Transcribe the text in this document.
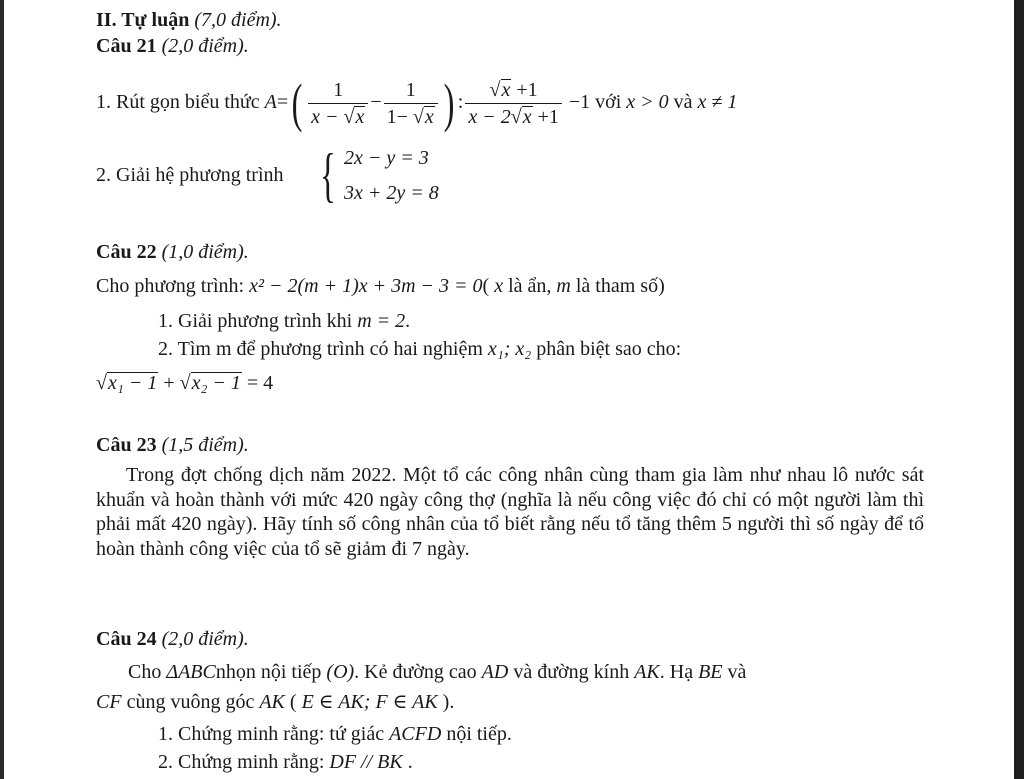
II. Tự luận (7,0 điểm).
Câu 21 (2,0 điểm).
1. Rút gọn biểu thức $A=( \frac{1}{x - √x} - \frac{1}{1- √x}$ ) : $\frac{√x +1}{x - 2√x +1} -1$ với x > 0 và x ≠ 1
2. Giải hệ phương trình { 2x − y = 3
3x + 2y = 8
Câu 22 (1,0 điểm).
Cho phương trình: x² − 2(m + 1)x + 3m − 3 = 0( x là ẩn, m là tham số)
1. Giải phương trình khi m = 2.
2. Tìm m để phương trình có hai nghiệm x₁; x₂ phân biệt sao cho:
√x₁ − 1 + √x₂ − 1 = 4
Câu 23 (1,5 điểm).
Trong đợt chống dịch năm 2022. Một tổ các công nhân cùng tham gia làm như nhau lô nước sát khuẩn và hoàn thành với mức 420 ngày công thợ (nghĩa là nếu công việc đó chỉ có một người làm thì phải mất 420 ngày). Hãy tính số công nhân của tổ biết rằng nếu tổ tăng thêm 5 người thì số ngày để tổ hoàn thành công việc của tổ sẽ giảm đi 7 ngày.
Câu 24 (2,0 điểm).
Cho ΔABCnhọn nội tiếp (O). Kẻ đường cao AD và đường kính AK. Hạ BE và
CF cùng vuông góc AK ( E ∈ AK; F ∈ AK ).
1. Chứng minh rằng: tứ giác ACFD nội tiếp.
2. Chứng minh rằng: DF // BK .
